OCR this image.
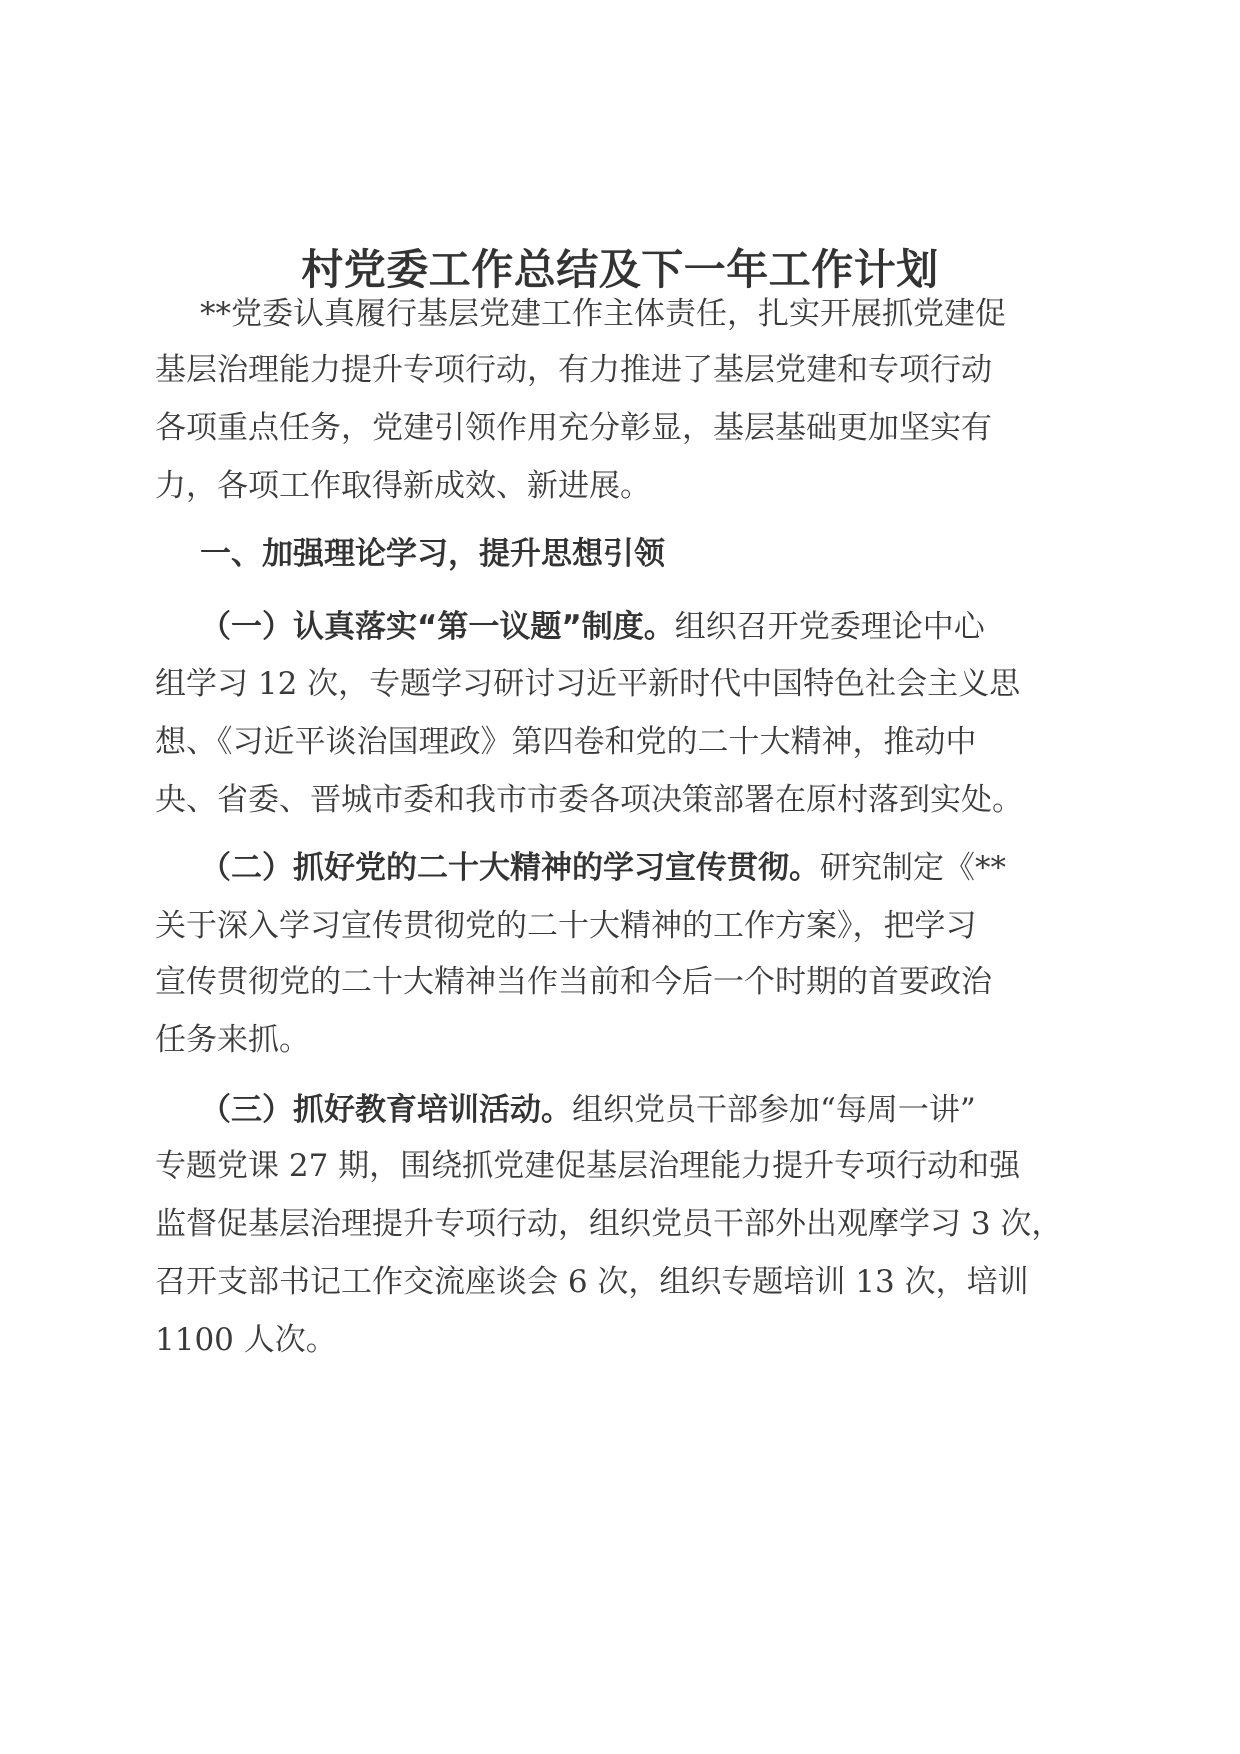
村党委工作总结及下一年工作计划
**党委认真履行基层党建工作主体责任，扎实开展抓党建促
基层治理能力提升专项行动，有力推进了基层党建和专项行动
各项重点任务，党建引领作用充分彰显，基层基础更加坚实有
力，各项工作取得新成效、新进展。
一、加强理论学习，提升思想引领
（一）认真落实“第一议题”制度。组织召开党委理论中心
组学习 12 次，专题学习研讨习近平新时代中国特色社会主义思
想、《习近平谈治国理政》第四卷和党的二十大精神，推动中
央、省委、晋城市委和我市市委各项决策部署在原村落到实处。
（二）抓好党的二十大精神的学习宣传贯彻。研究制定《**
关于深入学习宣传贯彻党的二十大精神的工作方案》，把学习
宣传贯彻党的二十大精神当作当前和今后一个时期的首要政治
任务来抓。
（三）抓好教育培训活动。组织党员干部参加“每周一讲”
专题党课 27 期，围绕抓党建促基层治理能力提升专项行动和强
监督促基层治理提升专项行动，组织党员干部外出观摩学习 3 次，
召开支部书记工作交流座谈会 6 次，组织专题培训 13 次，培训
1100 人次。
